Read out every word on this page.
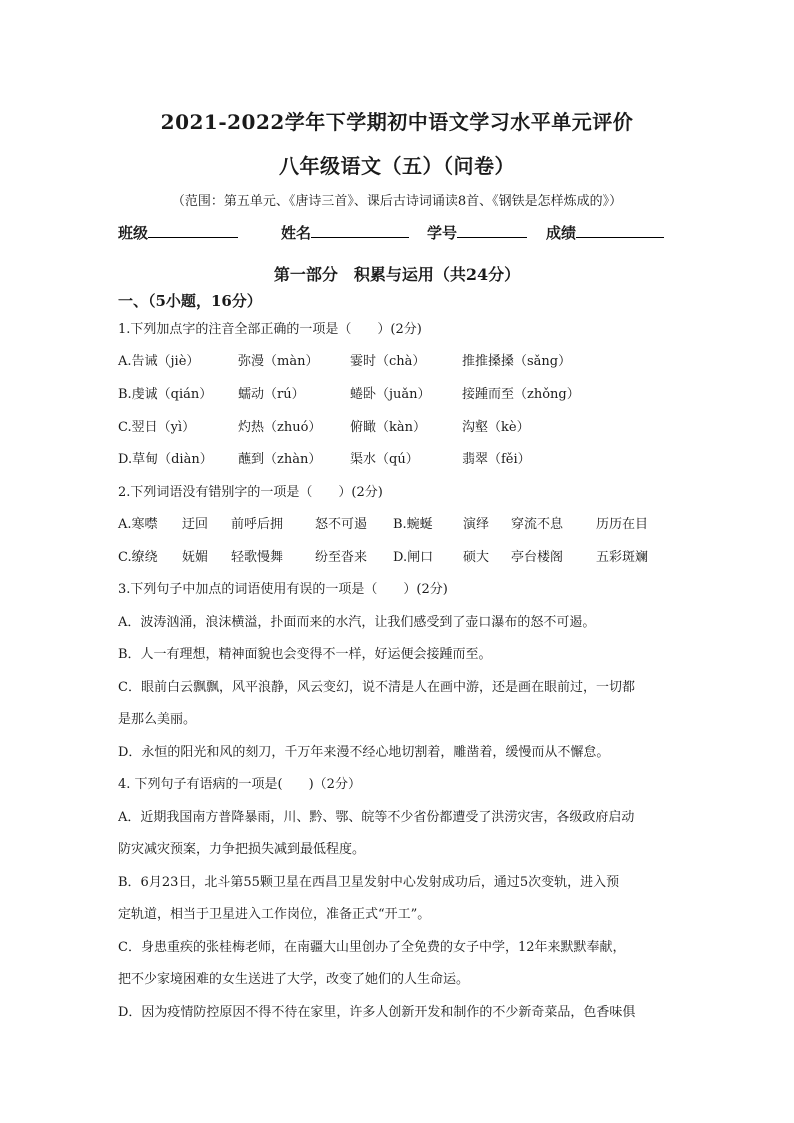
2021-2022学年下学期初中语文学习水平单元评价
八年级语文（五）（问卷）
（范围：第五单元、《唐诗三首》、课后古诗词诵读8首、《钢铁是怎样炼成的》）
班级	姓名	学号	成绩
第一部分　积累与运用（共24分）
一、（5小题，16分）
1.下列加点字的注音全部正确的一项是（　　）(2分)
A.告诫（jiè）	弥漫（màn） 霎时（chà）	推推搡搡（sǎng）
B.虔诚（qián） 蠕动（rú）	蜷卧（juǎn） 接踵而至（zhǒng）
C.翌日（yì）	灼热（zhuó） 俯瞰（kàn）	沟壑（kè）
D.草甸（diàn） 蘸到（zhàn） 渠水（qú）	翡翠（fěi）
2.下列词语没有错别字的一项是（　　）(2分)
A.寒噤 迂回 前呼后拥 怒不可遏 B.蜿蜒 演绎 穿流不息	历历在目
C.缭绕 妩媚 轻歌慢舞 纷至沓来 D.闸口 硕大 亭台楼阁	五彩斑斓
3.下列句子中加点的词语使用有误的一项是（　　）(2分)
A．波涛汹涌，浪沫横溢，扑面而来的水汽，让我们感受到了壶口瀑布的怒不可遏。
B．人一有理想，精神面貌也会变得不一样，好运便会接踵而至。
C．眼前白云飘飘，风平浪静，风云变幻，说不清是人在画中游，还是画在眼前过，一切都
是那么美丽。
D．永恒的阳光和风的刻刀，千万年来漫不经心地切割着，雕凿着，缓慢而从不懈怠。
4. 下列句子有语病的一项是(　　)（2分）
A．近期我国南方普降暴雨，川、黔、鄂、皖等不少省份都遭受了洪涝灾害，各级政府启动
防灾减灾预案，力争把损失减到最低程度。
B．6月23日，北斗第55颗卫星在西昌卫星发射中心发射成功后，通过5次变轨，进入预
定轨道，相当于卫星进入工作岗位，准备正式“开工”。
C．身患重疾的张桂梅老师，在南疆大山里创办了全免费的女子中学，12年来默默奉献，
把不少家境困难的女生送进了大学，改变了她们的人生命运。
D．因为疫情防控原因不得不待在家里，许多人创新开发和制作的不少新奇菜品，色香味俱
